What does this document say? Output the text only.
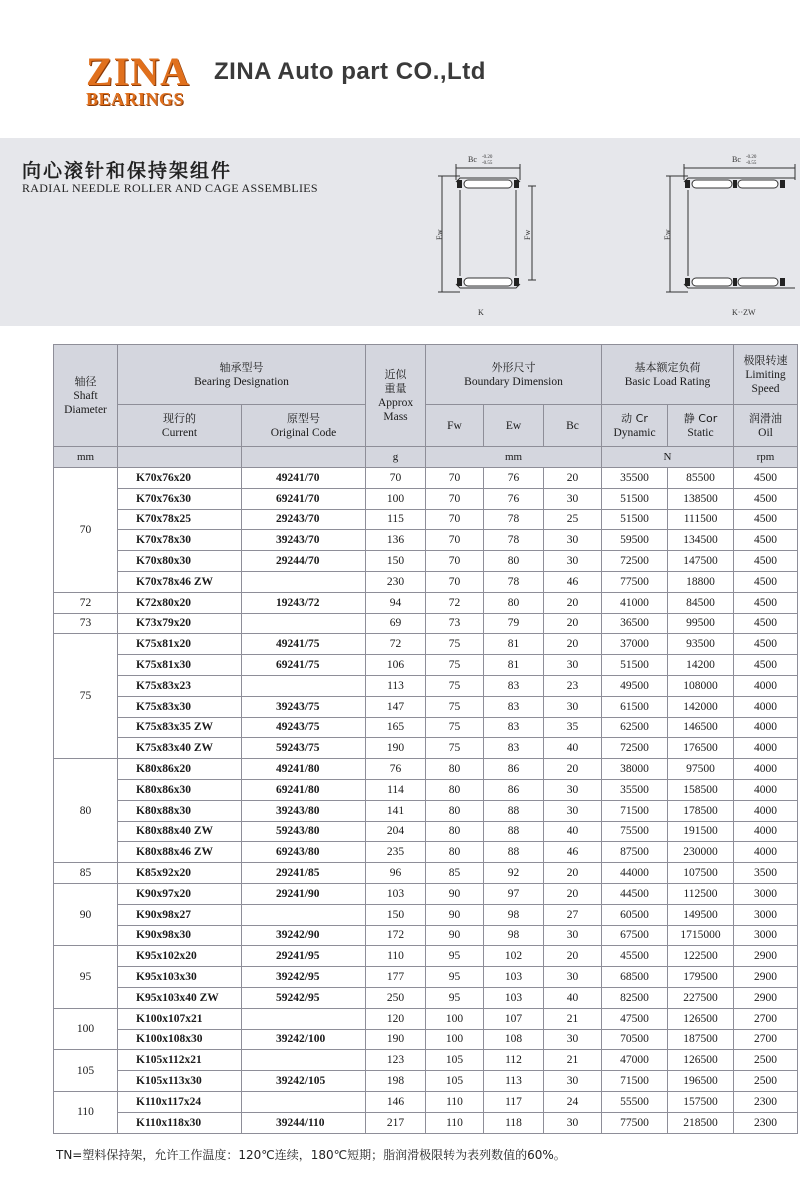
ZINA
BEARINGS
ZINA Auto part CO.,Ltd
向心滚针和保持架组件
RADIAL NEEDLE ROLLER AND CAGE ASSEMBLIES
Bc -0.20
-0.55
Ew	Fw
K
Bc -0.20
-0.55
Ew
K··ZW
轴径
Shaft
Diameter	轴承型号
Bearing Designation		近似
重量
Approx
Mass	外形尺寸
Boundary Dimension			基本额定负荷
Basic Load Rating		极限转速
Limiting
Speed

	现行的
Current	原型号
Original Code		Fw	Ew	Bc	动 Cr
Dynamic	静 Cor
Static	润滑油
Oil

mm			g	mm			N		rpm
70	K70x76x20	49241/70	70	70	76	20	35500	85500	4500
	K70x76x30	69241/70	100	70	76	30	51500	138500	4500
	K70x78x25	29243/70	115	70	78	25	51500	111500	4500
	K70x78x30	39243/70	136	70	78	30	59500	134500	4500
	K70x80x30	29244/70	150	70	80	30	72500	147500	4500
	K70x78x46 ZW		230	70	78	46	77500	18800	4500
72	K72x80x20	19243/72	94	72	80	20	41000	84500	4500
73	K73x79x20		69	73	79	20	36500	99500	4500
75	K75x81x20	49241/75	72	75	81	20	37000	93500	4500
	K75x81x30	69241/75	106	75	81	30	51500	14200	4500
	K75x83x23		113	75	83	23	49500	108000	4000
	K75x83x30	39243/75	147	75	83	30	61500	142000	4000
	K75x83x35 ZW	49243/75	165	75	83	35	62500	146500	4000
	K75x83x40 ZW	59243/75	190	75	83	40	72500	176500	4000
80	K80x86x20	49241/80	76	80	86	20	38000	97500	4000
	K80x86x30	69241/80	114	80	86	30	35500	158500	4000
	K80x88x30	39243/80	141	80	88	30	71500	178500	4000
	K80x88x40 ZW	59243/80	204	80	88	40	75500	191500	4000
	K80x88x46 ZW	69243/80	235	80	88	46	87500	230000	4000
85	K85x92x20	29241/85	96	85	92	20	44000	107500	3500
90	K90x97x20	29241/90	103	90	97	20	44500	112500	3000
	K90x98x27		150	90	98	27	60500	149500	3000
	K90x98x30	39242/90	172	90	98	30	67500	1715000	3000
95	K95x102x20	29241/95	110	95	102	20	45500	122500	2900
	K95x103x30	39242/95	177	95	103	30	68500	179500	2900
	K95x103x40 ZW	59242/95	250	95	103	40	82500	227500	2900
100	K100x107x21		120	100	107	21	47500	126500	2700
	K100x108x30	39242/100	190	100	108	30	70500	187500	2700
105	K105x112x21		123	105	112	21	47000	126500	2500
	K105x113x30	39242/105	198	105	113	30	71500	196500	2500
110	K110x117x24		146	110	117	24	55500	157500	2300
	K110x118x30	39244/110	217	110	118	30	77500	218500	2300
TN=塑料保持架，允许工作温度：120℃连续，180℃短期；脂润滑极限转为表列数值的60%。
